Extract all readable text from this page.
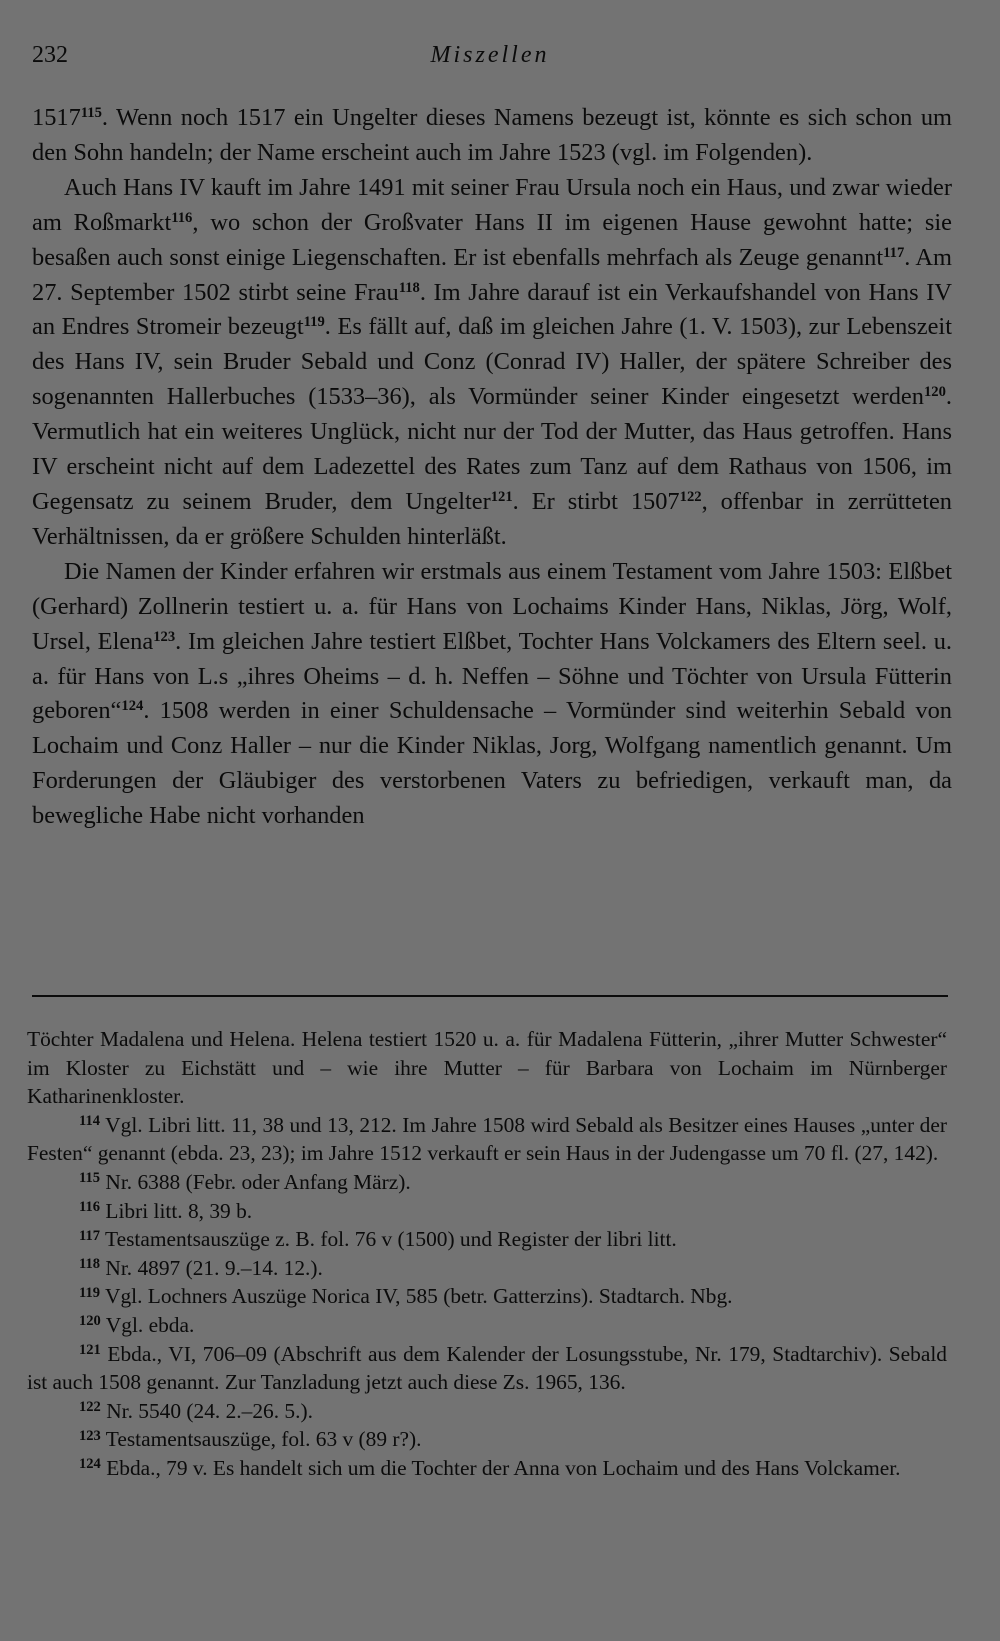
232	Miszellen

1517$^{115}$. Wenn noch 1517 ein Ungelter dieses Namens bezeugt ist, könnte es sich schon um den Sohn handeln; der Name erscheint auch im Jahre 1523 (vgl. im Folgenden).

Auch Hans IV kauft im Jahre 1491 mit seiner Frau Ursula noch ein Haus, und zwar wieder am Roßmarkt$^{116}$, wo schon der Großvater Hans II im eigenen Hause gewohnt hatte; sie besaßen auch sonst einige Liegenschaften. Er ist ebenfalls mehrfach als Zeuge genannt$^{117}$. Am 27. September 1502 stirbt seine Frau$^{118}$. Im Jahre darauf ist ein Verkaufshandel von Hans IV an Endres Stromeir bezeugt$^{119}$. Es fällt auf, daß im gleichen Jahre (1. V. 1503), zur Lebenszeit des Hans IV, sein Bruder Sebald und Conz (Conrad IV) Haller, der spätere Schreiber des sogenannten Hallerbuches (1533–36), als Vormünder seiner Kinder eingesetzt werden$^{120}$. Vermutlich hat ein weiteres Unglück, nicht nur der Tod der Mutter, das Haus getroffen. Hans IV erscheint nicht auf dem Ladezettel des Rates zum Tanz auf dem Rathaus von 1506, im Gegensatz zu seinem Bruder, dem Ungelter$^{121}$. Er stirbt 1507$^{122}$, offenbar in zerrütteten Verhältnissen, da er größere Schulden hinterläßt.

Die Namen der Kinder erfahren wir erstmals aus einem Testament vom Jahre 1503: Elßbet (Gerhard) Zollnerin testiert u. a. für Hans von Lochaims Kinder Hans, Niklas, Jörg, Wolf, Ursel, Elena$^{123}$. Im gleichen Jahre testiert Elßbet, Tochter Hans Volckamers des Eltern seel. u. a. für Hans von L.s „ihres Oheims – d. h. Neffen – Söhne und Töchter von Ursula Fütterin geboren“$^{124}$. 1508 werden in einer Schuldensache – Vormünder sind weiterhin Sebald von Lochaim und Conz Haller – nur die Kinder Niklas, Jorg, Wolfgang namentlich genannt. Um Forderungen der Gläubiger des verstorbenen Vaters zu befriedigen, verkauft man, da bewegliche Habe nicht vorhanden

Töchter Madalena und Helena. Helena testiert 1520 u. a. für Madalena Fütterin, „ihrer Mutter Schwester“ im Kloster zu Eichstätt und – wie ihre Mutter – für Barbara von Lochaim im Nürnberger Katharinenkloster.

114 Vgl. Libri litt. 11, 38 und 13, 212. Im Jahre 1508 wird Sebald als Besitzer eines Hauses „unter der Festen“ genannt (ebda. 23, 23); im Jahre 1512 verkauft er sein Haus in der Judengasse um 70 fl. (27, 142).

115 Nr. 6388 (Febr. oder Anfang März).

116 Libri litt. 8, 39 b.

117 Testamentsauszüge z. B. fol. 76 v (1500) und Register der libri litt.

118 Nr. 4897 (21. 9.–14. 12.).

119 Vgl. Lochners Auszüge Norica IV, 585 (betr. Gatterzins). Stadtarch. Nbg.

120 Vgl. ebda.

121 Ebda., VI, 706–09 (Abschrift aus dem Kalender der Losungsstube, Nr. 179, Stadtarchiv). Sebald ist auch 1508 genannt. Zur Tanzladung jetzt auch diese Zs. 1965, 136.

122 Nr. 5540 (24. 2.–26. 5.).

123 Testamentsauszüge, fol. 63 v (89 r?).

124 Ebda., 79 v. Es handelt sich um die Tochter der Anna von Lochaim und des Hans Volckamer.
